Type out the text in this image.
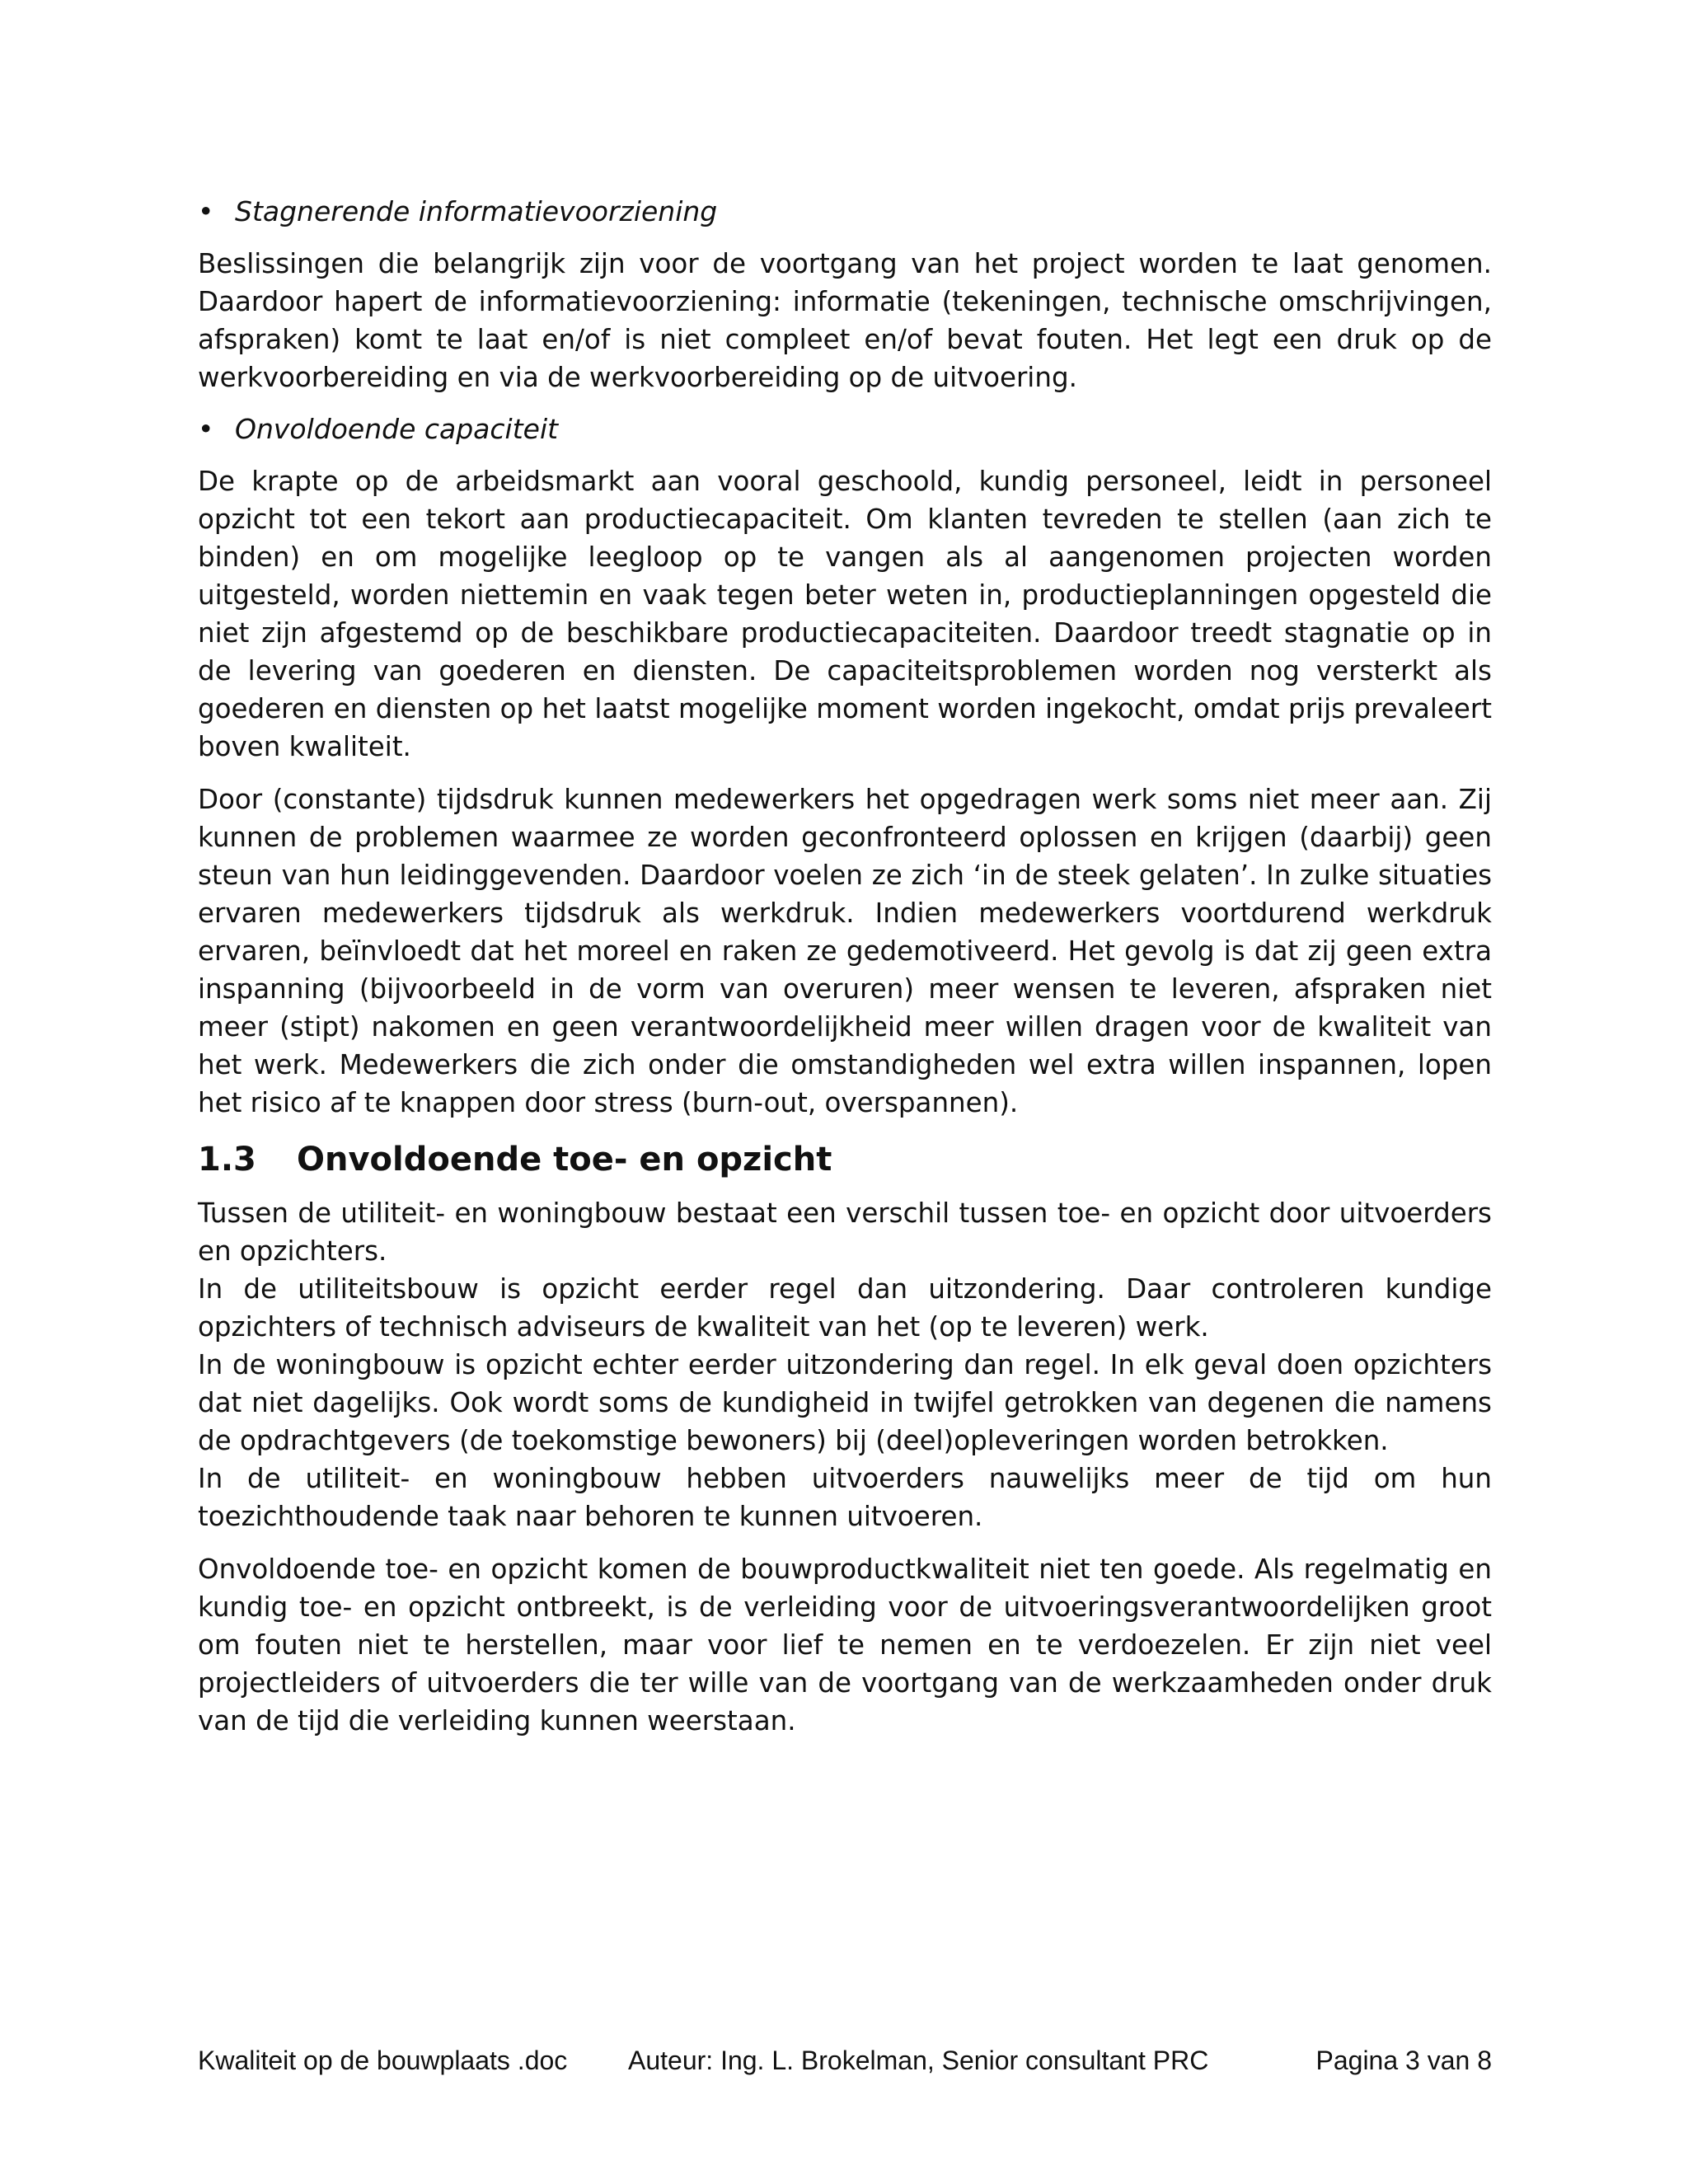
• Stagnerende informatievoorziening

Beslissingen die belangrijk zijn voor de voortgang van het project worden te laat genomen. Daardoor hapert de informatievoorziening: informatie (tekeningen, technische omschrijvingen, afspraken) komt te laat en/of is niet compleet en/of bevat fouten. Het legt een druk op de werkvoorbereiding en via de werkvoorbereiding op de uitvoering.

• Onvoldoende capaciteit

De krapte op de arbeidsmarkt aan vooral geschoold, kundig personeel, leidt in personeel opzicht tot een tekort aan productiecapaciteit. Om klanten tevreden te stellen (aan zich te binden) en om mogelijke leegloop op te vangen als al aangenomen projecten worden uitgesteld, worden niettemin en vaak tegen beter weten in, productieplanningen opgesteld die niet zijn afgestemd op de beschikbare productiecapaciteiten. Daardoor treedt stagnatie op in de levering van goederen en diensten. De capaciteitsproblemen worden nog versterkt als goederen en diensten op het laatst mogelijke moment worden ingekocht, omdat prijs prevaleert boven kwaliteit.

Door (constante) tijdsdruk kunnen medewerkers het opgedragen werk soms niet meer aan. Zij kunnen de problemen waarmee ze worden geconfronteerd oplossen en krijgen (daarbij) geen steun van hun leidinggevenden. Daardoor voelen ze zich ‘in de steek gelaten’. In zulke situaties ervaren medewerkers tijdsdruk als werkdruk. Indien medewerkers voortdurend werkdruk ervaren, beïnvloedt dat het moreel en raken ze gedemotiveerd. Het gevolg is dat zij geen extra inspanning (bijvoorbeeld in de vorm van overuren) meer wensen te leveren, afspraken niet meer (stipt) nakomen en geen verantwoordelijkheid meer willen dragen voor de kwaliteit van het werk. Medewerkers die zich onder die omstandigheden wel extra willen inspannen, lopen het risico af te knappen door stress (burn-out, overspannen).

1.3 Onvoldoende toe- en opzicht

Tussen de utiliteit- en woningbouw bestaat een verschil tussen toe- en opzicht door uitvoerders en opzichters.

In de utiliteitsbouw is opzicht eerder regel dan uitzondering. Daar controleren kundige opzichters of technisch adviseurs de kwaliteit van het (op te leveren) werk.

In de woningbouw is opzicht echter eerder uitzondering dan regel. In elk geval doen opzichters dat niet dagelijks. Ook wordt soms de kundigheid in twijfel getrokken van degenen die namens de opdrachtgevers (de toekomstige bewoners) bij (deel)opleveringen worden betrokken.

In de utiliteit- en woningbouw hebben uitvoerders nauwelijks meer de tijd om hun toezichthoudende taak naar behoren te kunnen uitvoeren.

Onvoldoende toe- en opzicht komen de bouwproductkwaliteit niet ten goede. Als regelmatig en kundig toe- en opzicht ontbreekt, is de verleiding voor de uitvoeringsverantwoordelijken groot om fouten niet te herstellen, maar voor lief te nemen en te verdoezelen. Er zijn niet veel projectleiders of uitvoerders die ter wille van de voortgang van de werkzaamheden onder druk van de tijd die verleiding kunnen weerstaan.

Kwaliteit op de bouwplaats .doc Auteur: Ing. L. Brokelman, Senior consultant PRC	Pagina 3 van 8
